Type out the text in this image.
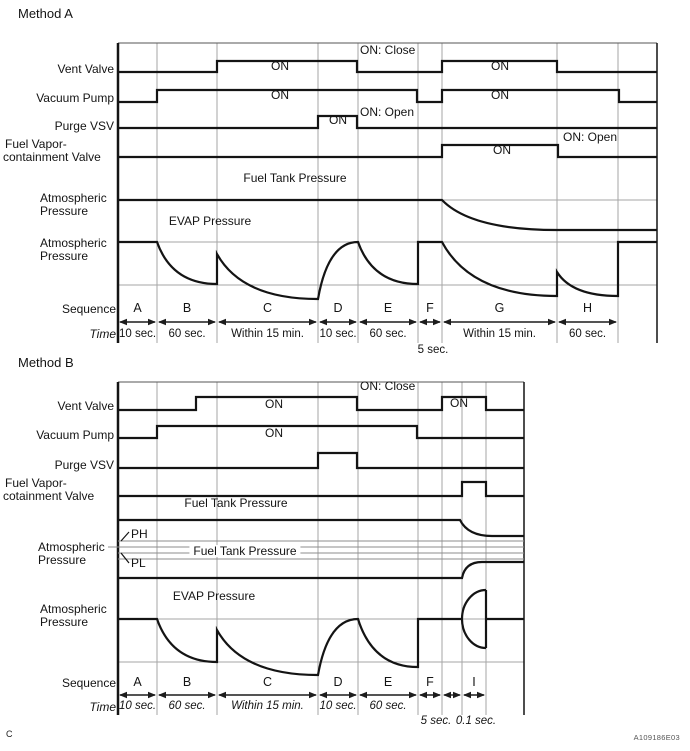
Method A
Method B
A
10 sec.
B
60 sec.
C
Within 15 min.
D
10 sec.
E
60 sec.
F
5 sec.
G
Within 15 min.
H
60 sec.
Vent Valve
Vacuum Pump
Purge VSV
Fuel Vapor-
containment Valve
Atmospheric
Pressure
Atmospheric
Pressure
Sequence
Time
ON	ON
ON	ON
ON
ON
ON: Close
ON: Open
ON: Open
Fuel Tank Pressure
EVAP Pressure
A
10 sec.
B
60 sec.
C
Within 15 min.
D
10 sec.
E
60 sec.
F
5 sec.
I
0.1 sec.
Vent Valve
Vacuum Pump
Purge VSV
Fuel Vapor-
cotainment Valve
Atmospheric
Pressure
Atmospheric
Pressure
Sequence
Time
ON	ON
ON
ON: Close
Fuel Tank Pressure
PH
PL
Fuel Tank Pressure
EVAP Pressure
C	A109186E03
